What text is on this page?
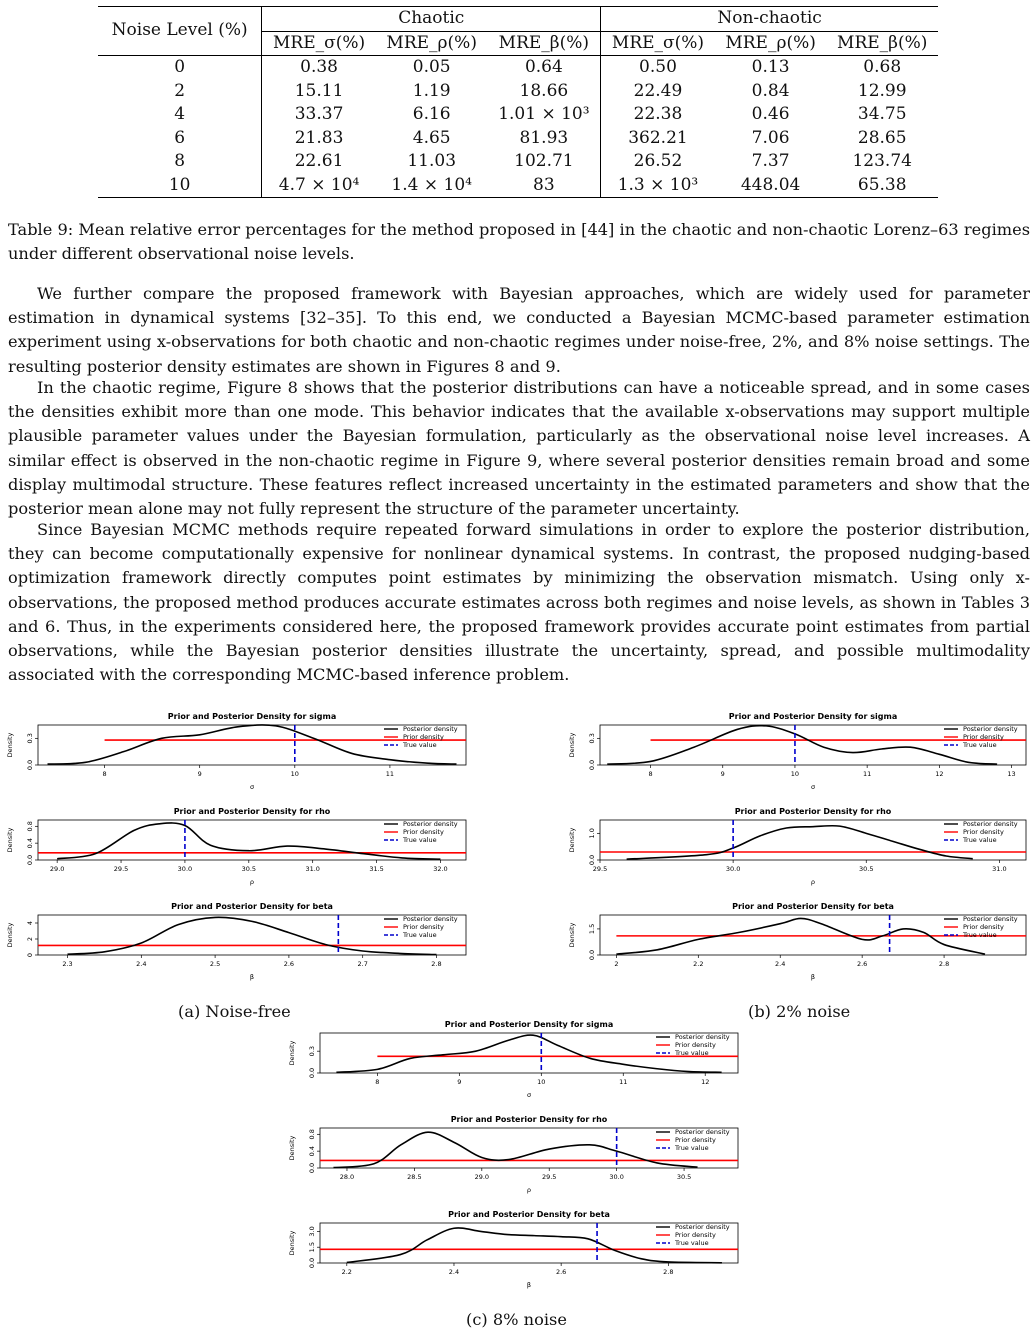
Noise Level (%)	Chaotic			Non-chaotic		
	MRE_σ(%)	MRE_ρ(%)	MRE_β(%)	MRE_σ(%)	MRE_ρ(%)	MRE_β(%)
0	0.38	0.05	0.64	0.50	0.13	0.68
2	15.11	1.19	18.66	22.49	0.84	12.99
4	33.37	6.16	1.01 × 10³	22.38	0.46	34.75
6	21.83	4.65	81.93	362.21	7.06	28.65
8	22.61	11.03	102.71	26.52	7.37	123.74
10	4.7 × 10⁴	1.4 × 10⁴	83	1.3 × 10³	448.04	65.38
Table 9: Mean relative error percentages for the method proposed in [44] in the chaotic and non-chaotic Lorenz–63 regimes under different observational noise levels.

We further compare the proposed framework with Bayesian approaches, which are widely used for parameter estimation in dynamical systems [32–35]. To this end, we conducted a Bayesian MCMC-based parameter estimation experiment using x-observations for both chaotic and non-chaotic regimes under noise-free, 2%, and 8% noise settings. The resulting posterior density estimates are shown in Figures 8 and 9.

In the chaotic regime, Figure 8 shows that the posterior distributions can have a noticeable spread, and in some cases the densities exhibit more than one mode. This behavior indicates that the available x-observations may support multiple plausible parameter values under the Bayesian formulation, particularly as the observational noise level increases. A similar effect is observed in the non-chaotic regime in Figure 9, where several posterior densities remain broad and some display multimodal structure. These features reflect increased uncertainty in the estimated parameters and show that the posterior mean alone may not fully represent the structure of the parameter uncertainty.

Since Bayesian MCMC methods require repeated forward simulations in order to explore the posterior distribution, they can become computationally expensive for nonlinear dynamical systems. In contrast, the proposed nudging-based optimization framework directly computes point estimates by minimizing the observation mismatch. Using only x-observations, the proposed method produces accurate estimates across both regimes and noise levels, as shown in Tables 3 and 6. Thus, in the experiments considered here, the proposed framework provides accurate point estimates from partial observations, while the Bayesian posterior densities illustrate the uncertainty, spread, and possible multimodality associated with the corresponding MCMC-based inference problem.

Prior and Posterior Density for sigma
8	9	10	11
0.0
0.3
σ
Density
Posterior density
Prior density
True value
Prior and Posterior Density for rho
29.0	29.5	30.0	30.5	31.0	31.5	32.0
0.0
0.4
0.8
ρ
Density
Posterior density
Prior density
True value
Prior and Posterior Density for beta
2.3	2.4	2.5	2.6	2.7	2.8
0
2
4
β
Density
Posterior density
Prior density
True value
Prior and Posterior Density for sigma
8	9	10	11	12	13
0.0
0.3
σ
Density
Posterior density
Prior density
True value
Prior and Posterior Density for rho
29.5	30.0	30.5	31.0
0.0
1.0
ρ
Density
Posterior density
Prior density
True value
Prior and Posterior Density for beta
2	2.2	2.4	2.6	2.8
0.0
1.5
β
Density
Posterior density
Prior density
True value
Prior and Posterior Density for sigma
8	9	10	11	12
0.0
0.3
σ
Density
Posterior density
Prior density
True value
Prior and Posterior Density for rho
28.0	28.5	29.0	29.5	30.0	30.5
0.0
0.4
0.8
ρ
Density
Posterior density
Prior density
True value
Prior and Posterior Density for beta
2.2	2.4	2.6	2.8
0.0
1.5
3.0
β
Density
Posterior density
Prior density
True value
(a) Noise-free	(b) 2% noise
(c) 8% noise
